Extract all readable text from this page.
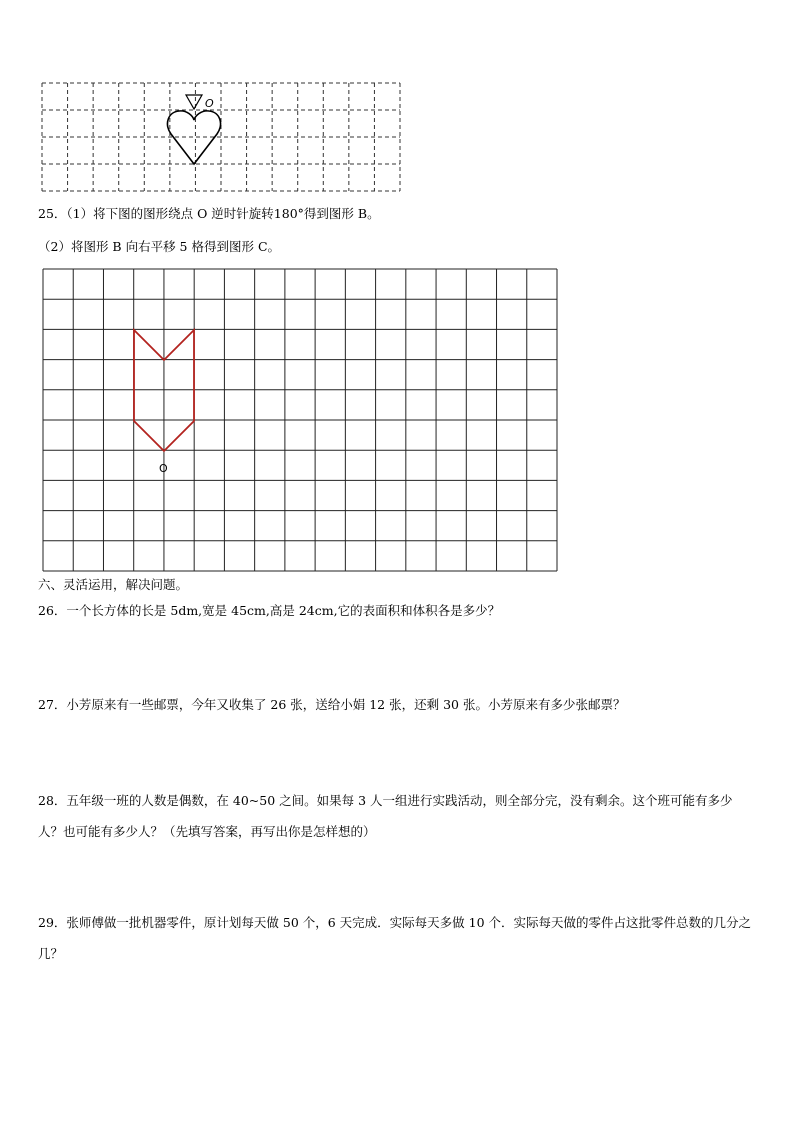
O
25．（1）将下图的图形绕点 O 逆时针旋转180°得到图形 B。
（2）将图形 B 向右平移 5 格得到图形 C。
O
六、灵活运用，解决问题。
26．一个长方体的长是 5dm,宽是 45cm,高是 24cm,它的表面积和体积各是多少？
27．小芳原来有一些邮票，今年又收集了 26 张，送给小娟 12 张，还剩 30 张。小芳原来有多少张邮票？
28．五年级一班的人数是偶数，在 40~50 之间。如果每 3 人一组进行实践活动，则全部分完，没有剩余。这个班可能有多少人？也可能有多少人？（先填写答案，再写出你是怎样想的）
29．张师傅做一批机器零件，原计划每天做 50 个，6 天完成．实际每天多做 10 个．实际每天做的零件占这批零件总数的几分之几？
